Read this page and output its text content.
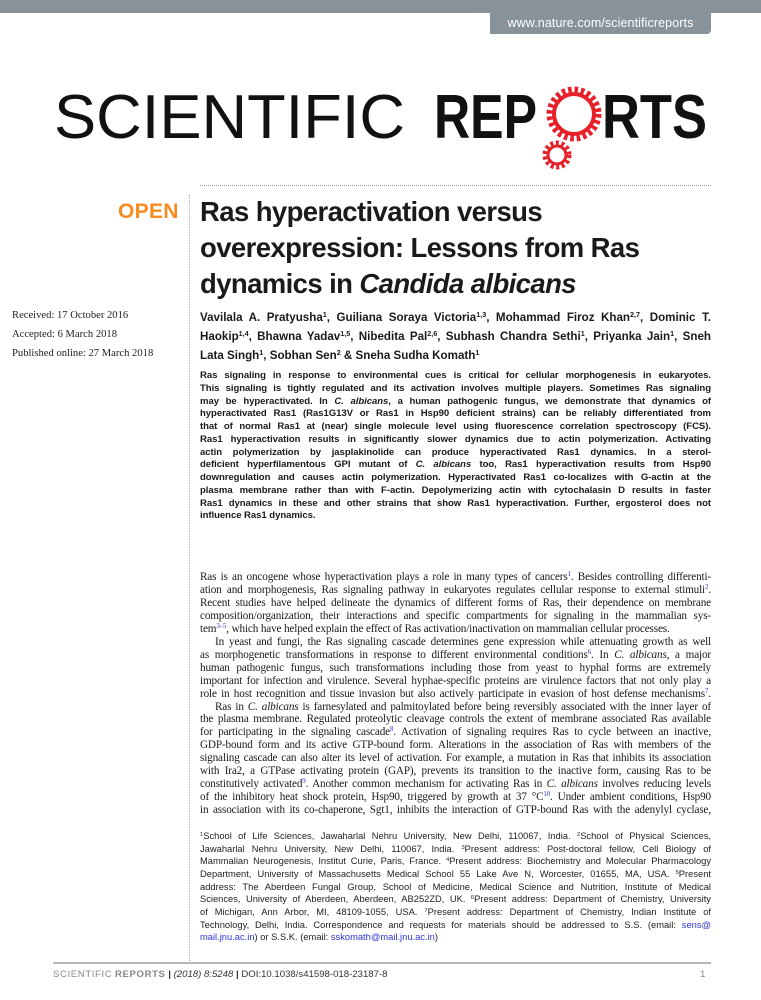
www.nature.com/scientificreports
SCIENTIFIC REP RTS
OPEN Ras hyperactivation versus
overexpression: Lessons from Ras
dynamics in Candida albicans
Received: 17 October 2016
Accepted: 6 March 2018
Published online: 27 March 2018
Vavilala A. Pratyusha$^1$, Guiliana Soraya Victoria$^{1,3}$, Mohammad Firoz Khan$^{2,7}$, Dominic T.
Haokip$^{1,4}$, Bhawna Yadav$^{1,5}$, Nibedita Pal$^{2,6}$, Subhash Chandra Sethi$^1$, Priyanka Jain$^1$, Sneh
Lata Singh$^1$, Sobhan Sen$^2$ & Sneha Sudha Komath$^1$
Ras signaling in response to environmental cues is critical for cellular morphogenesis in eukaryotes.
This signaling is tightly regulated and its activation involves multiple players. Sometimes Ras signaling
may be hyperactivated. In C. albicans, a human pathogenic fungus, we demonstrate that dynamics of
hyperactivated Ras1 (Ras1G13V or Ras1 in Hsp90 deficient strains) can be reliably differentiated from
that of normal Ras1 at (near) single molecule level using fluorescence correlation spectroscopy (FCS).
Ras1 hyperactivation results in significantly slower dynamics due to actin polymerization. Activating
actin polymerization by jasplakinolide can produce hyperactivated Ras1 dynamics. In a sterol-
deficient hyperfilamentous GPI mutant of C. albicans too, Ras1 hyperactivation results from Hsp90
downregulation and causes actin polymerization. Hyperactivated Ras1 co-localizes with G-actin at the
plasma membrane rather than with F-actin. Depolymerizing actin with cytochalasin D results in faster
Ras1 dynamics in these and other strains that show Ras1 hyperactivation. Further, ergosterol does not
influence Ras1 dynamics.
Ras is an oncogene whose hyperactivation plays a role in many types of cancers$^1$. Besides controlling differenti-
ation and morphogenesis, Ras signaling pathway in eukaryotes regulates cellular response to external stimuli$^2$.
Recent studies have helped delineate the dynamics of different forms of Ras, their dependence on membrane
composition/organization, their interactions and specific compartments for signaling in the mammalian sys-
tem$^{3-5}$, which have helped explain the effect of Ras activation/inactivation on mammalian cellular processes.
In yeast and fungi, the Ras signaling cascade determines gene expression while attenuating growth as well
as morphogenetic transformations in response to different environmental conditions$^6$. In C. albicans, a major
human pathogenic fungus, such transformations including those from yeast to hyphal forms are extremely
important for infection and virulence. Several hyphae-specific proteins are virulence factors that not only play a
role in host recognition and tissue invasion but also actively participate in evasion of host defense mechanisms$^7$.
Ras in C. albicans is farnesylated and palmitoylated before being reversibly associated with the inner layer of
the plasma membrane. Regulated proteolytic cleavage controls the extent of membrane associated Ras available
for participating in the signaling cascade$^8$. Activation of signaling requires Ras to cycle between an inactive,
GDP-bound form and its active GTP-bound form. Alterations in the association of Ras with members of the
signaling cascade can also alter its level of activation. For example, a mutation in Ras that inhibits its association
with Ira2, a GTPase activating protein (GAP), prevents its transition to the inactive form, causing Ras to be
constitutively activated$^9$. Another common mechanism for activating Ras in C. albicans involves reducing levels
of the inhibitory heat shock protein, Hsp90, triggered by growth at 37 °C$^{10}$. Under ambient conditions, Hsp90
in association with its co-chaperone, Sgt1, inhibits the interaction of GTP-bound Ras with the adenylyl cyclase,
$^1$School of Life Sciences, Jawaharlal Nehru University, New Delhi, 110067, India. $^2$School of Physical Sciences,
Jawaharlal Nehru University, New Delhi, 110067, India. $^3$Present address: Post-doctoral fellow, Cell Biology of
Mammalian Neurogenesis, Institut Curie, Paris, France. $^4$Present address: Biochemistry and Molecular Pharmacology
Department, University of Massachusetts Medical School 55 Lake Ave N, Worcester, 01655, MA, USA. $^5$Present
address: The Aberdeen Fungal Group, School of Medicine, Medical Science and Nutrition, Institute of Medical
Sciences, University of Aberdeen, Aberdeen, AB252ZD, UK. $^6$Present address: Department of Chemistry, University
of Michigan, Ann Arbor, MI, 48109-1055, USA. $^7$Present address: Department of Chemistry, Indian Institute of
Technology, Delhi, India. Correspondence and requests for materials should be addressed to S.S. (email: sens@
mail.jnu.ac.in) or S.S.K. (email: sskomath@mail.jnu.ac.in)
SCIENTIFIC REPORTS | (2018) 8:5248 | DOI:10.1038/s41598-018-23187-8	1
